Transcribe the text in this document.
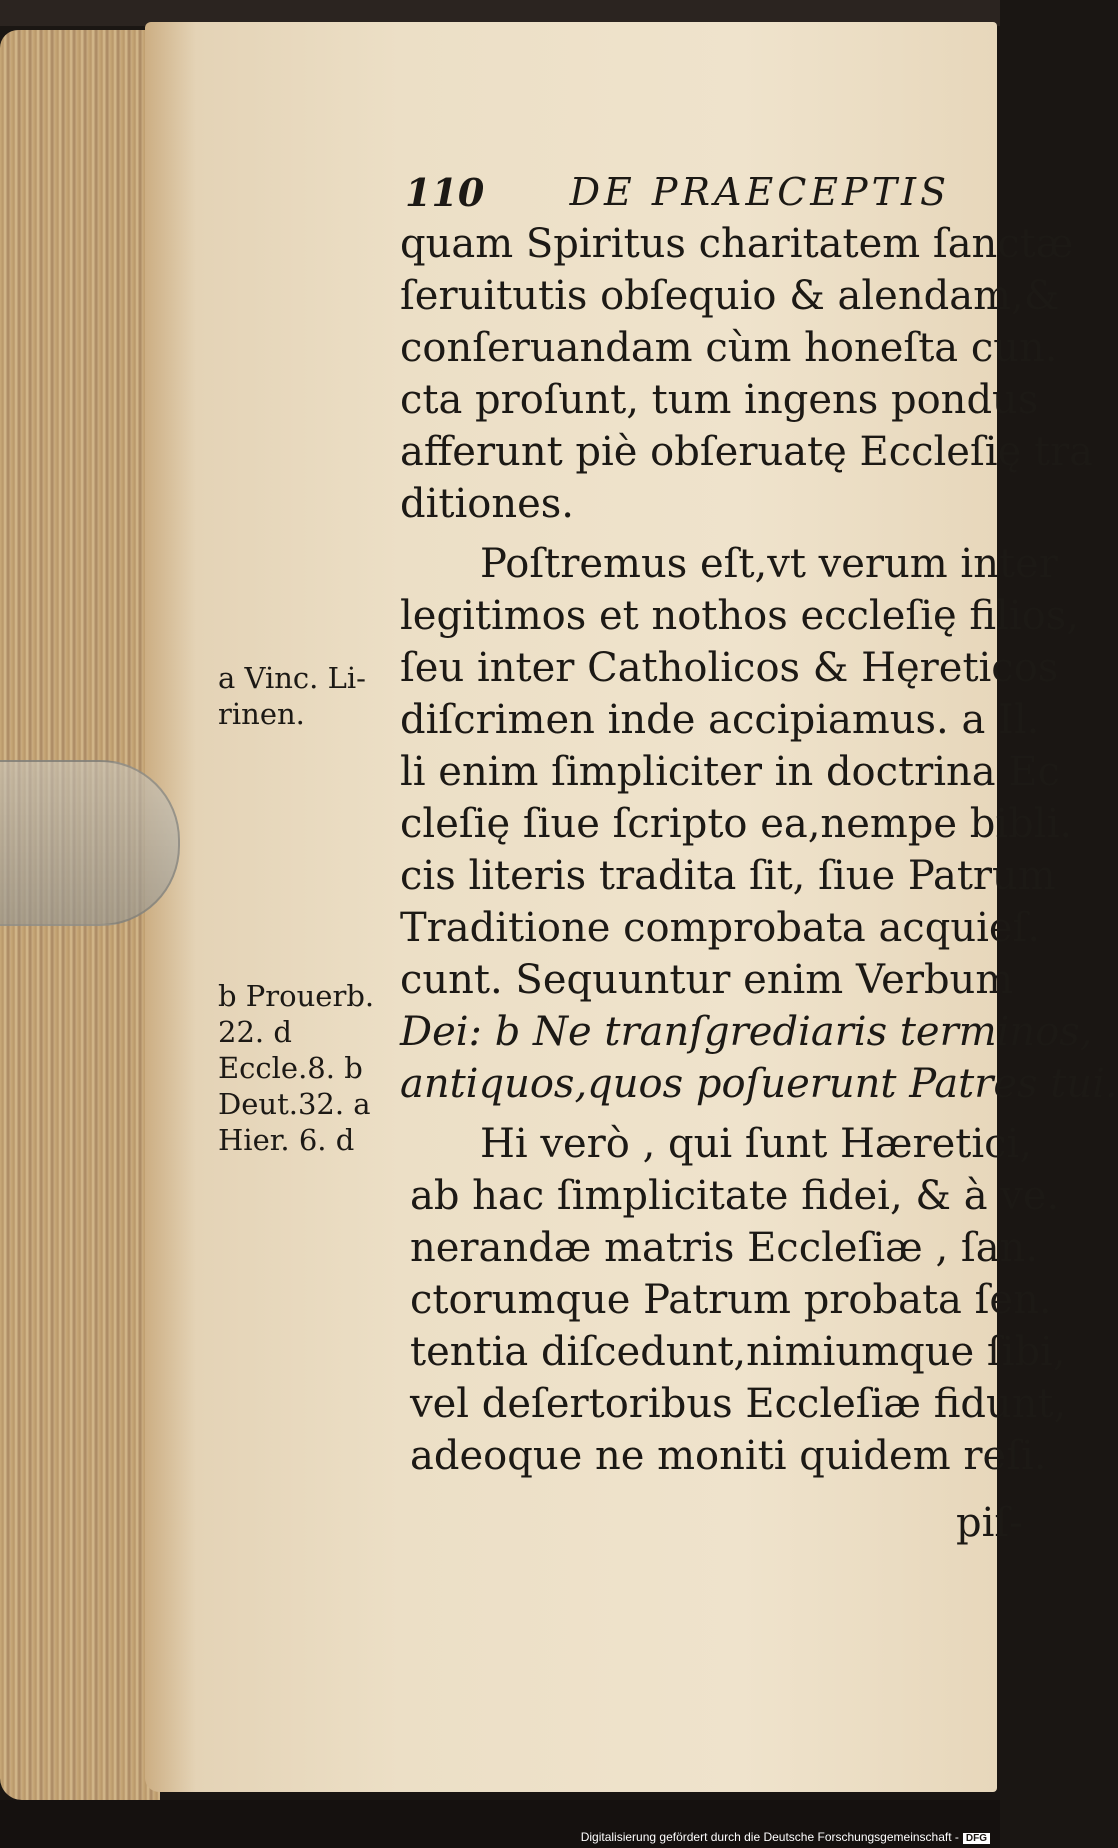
110 DE PRAECEPTIS
quam Spiritus charitatem ſanctæ
ſeruitutis obſequio & alendam,&
conſeruandam cùm honeſta cun.
cta proſunt, tum ingens pondus
afferunt piè obſeruatę Eccleſię tra
ditiones.
Poſtremus eſt,vt verum inter
legitimos et nothos eccleſię filios,
ſeu inter Catholicos & Hęreticos
diſcrimen inde accipiamus. a Il.
li enim ſimpliciter in doctrina Ec
cleſię ſiue ſcripto ea,nempe bibli.
cis literis tradita ſit, ſiue Patrum
Traditione comprobata acquieſ.
cunt. Sequuntur enim Verbum
Dei: b Ne tranſgrediaris terminos,
antiquos,quos poſuerunt Patres tui.
Hi verò , qui ſunt Hæretici,
ab hac ſimplicitate fidei, & à ve.
nerandæ matris Eccleſiæ , ſan.
ctorumque Patrum probata ſen.
tentia diſcedunt,nimiumque ſibi,
vel deſertoribus Eccleſiæ fidunt,
adeoque ne moniti quidem reſi.
piſ-
a Vinc. Li-
rinen.
b Prouerb.
22. d
Eccle.8. b
Deut.32. a
Hier. 6. d
Digitalisierung gefördert durch die Deutsche Forschungsgemeinschaft - DFG
